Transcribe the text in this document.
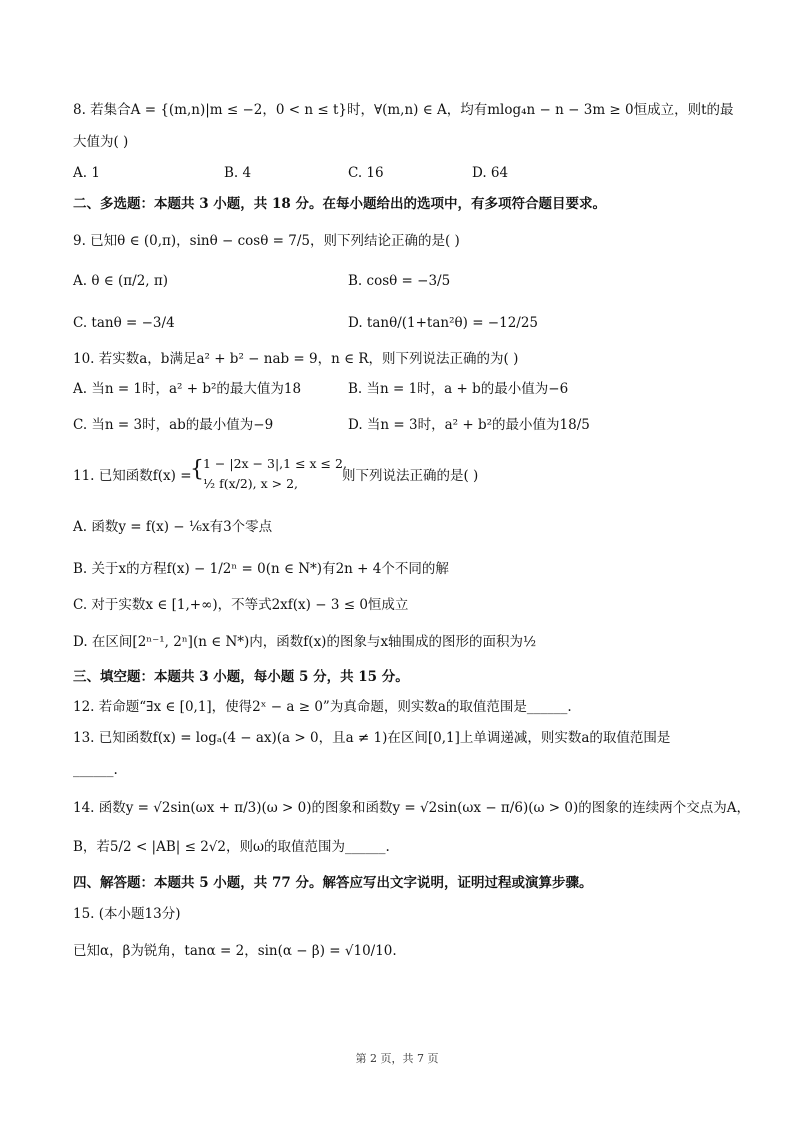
8. 若集合A = {(m,n)|m ≤ −2，0 < n ≤ t}时，∀(m,n) ∈ A，均有mlog₄n − n − 3m ≥ 0恒成立，则t的最
大值为( )
A. 1	B. 4	C. 16	D. 64
二、多选题：本题共 3 小题，共 18 分。在每小题给出的选项中，有多项符合题目要求。
9. 已知θ ∈ (0,π)，sinθ − cosθ = 7/5，则下列结论正确的是( )
A. θ ∈ (π/2, π)	B. cosθ = −3/5
C. tanθ = −3/4	D. tanθ/(1+tan²θ) = −12/25
10. 若实数a，b满足a² + b² − nab = 9，n ∈ R，则下列说法正确的为( )
A. 当n = 1时，a² + b²的最大值为18	B. 当n = 1时，a + b的最小值为−6
C. 当n = 3时，ab的最小值为−9	D. 当n = 3时，a² + b²的最小值为18/5
11. 已知函数f(x) =
{ 1 − |2x − 3|,1 ≤ x ≤ 2,
½ f(x/2), x > 2,	则下列说法正确的是( )
A. 函数y = f(x) − ⅙x有3个零点
B. 关于x的方程f(x) − 1/2ⁿ = 0(n ∈ N*)有2n + 4个不同的解
C. 对于实数x ∈ [1,+∞)，不等式2xf(x) − 3 ≤ 0恒成立
D. 在区间[2ⁿ⁻¹, 2ⁿ](n ∈ N*)内，函数f(x)的图象与x轴围成的图形的面积为½
三、填空题：本题共 3 小题，每小题 5 分，共 15 分。
12. 若命题“∃x ∈ [0,1]，使得2ˣ − a ≥ 0”为真命题，则实数a的取值范围是______.
13. 已知函数f(x) = logₐ(4 − ax)(a > 0，且a ≠ 1)在区间[0,1]上单调递减，则实数a的取值范围是
______.
14. 函数y = √2sin(ωx + π/3)(ω > 0)的图象和函数y = √2sin(ωx − π/6)(ω > 0)的图象的连续两个交点为A，
B，若5/2 < |AB| ≤ 2√2，则ω的取值范围为______.
四、解答题：本题共 5 小题，共 77 分。解答应写出文字说明，证明过程或演算步骤。
15. (本小题13分)
已知α，β为锐角，tanα = 2，sin(α − β) = √10/10.
第 2 页，共 7 页
